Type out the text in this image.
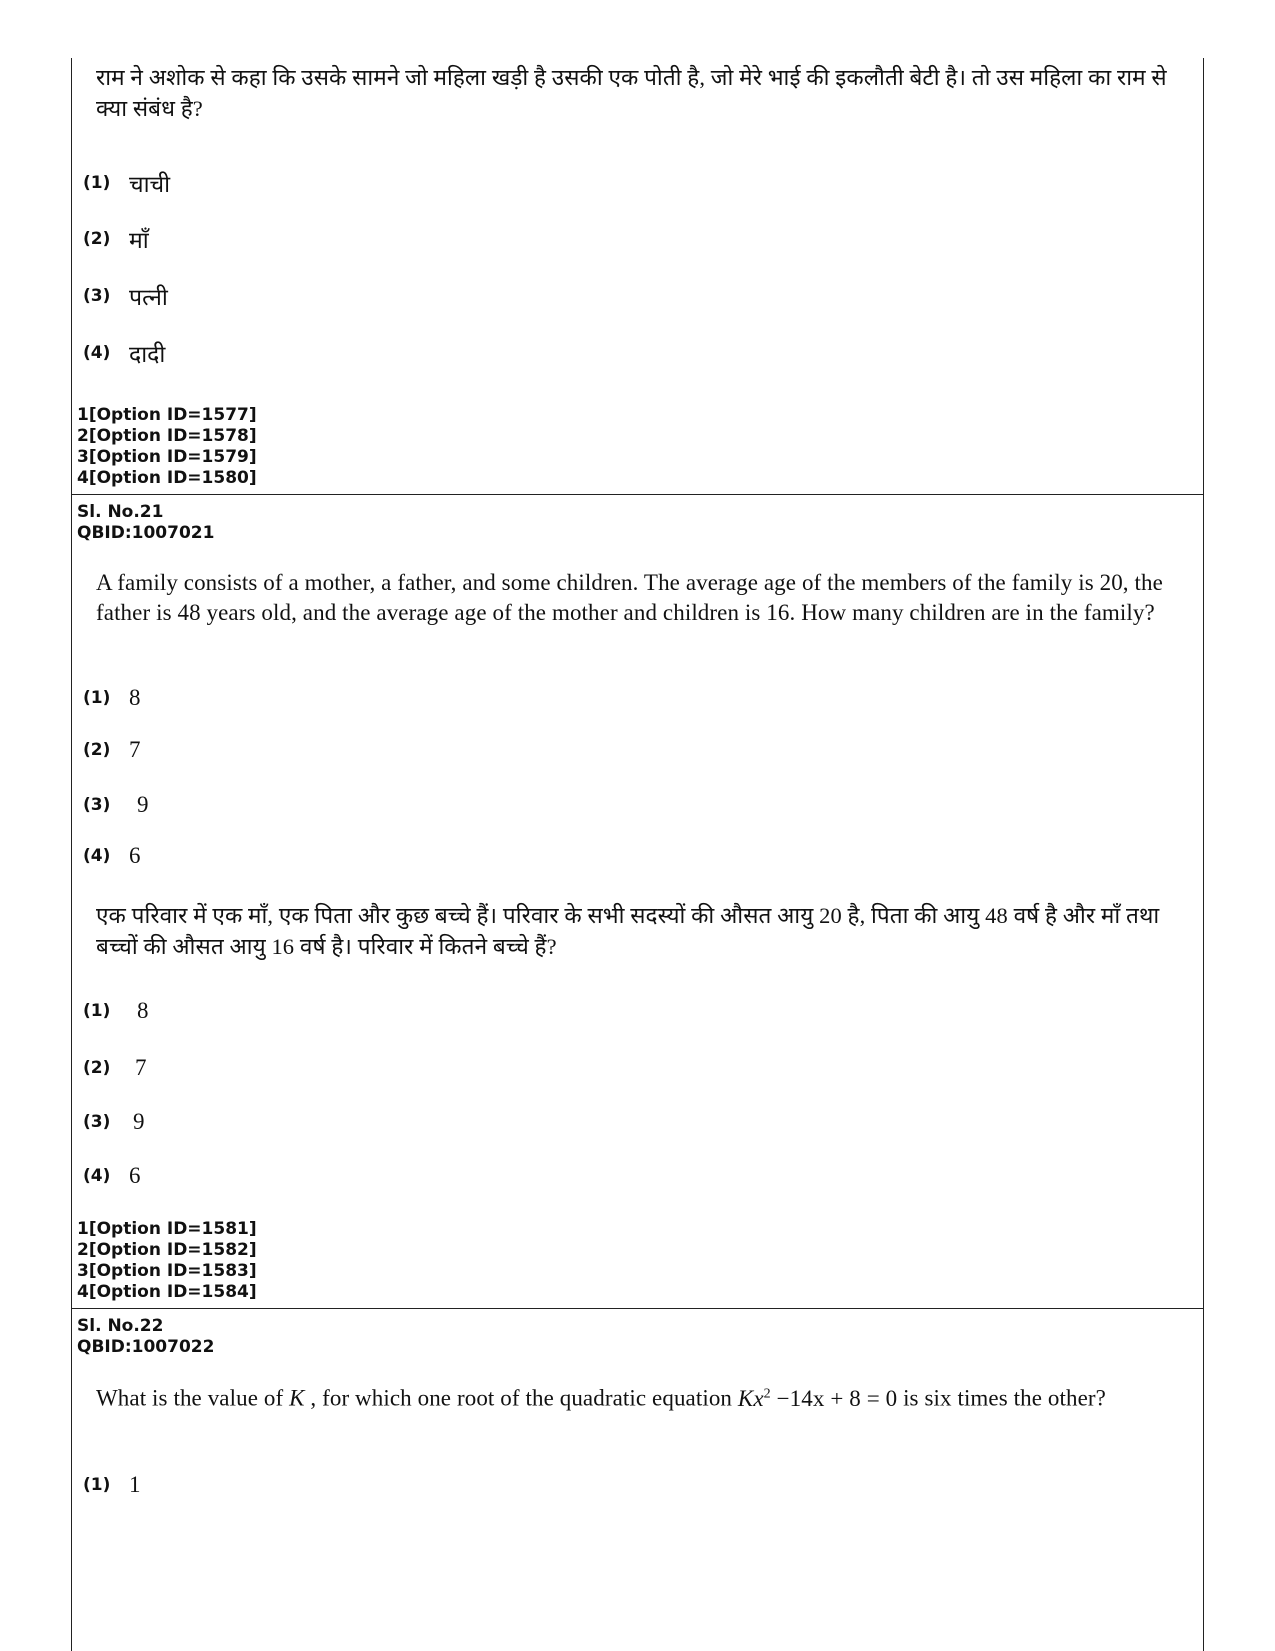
राम ने अशोक से कहा कि उसके सामने जो महिला खड़ी है उसकी एक पोती है, जो मेरे भाई की इकलौती बेटी है। तो उस महिला का राम से क्या संबंध है?
(1) चाची
(2) माँ
(3) पत्नी
(4) दादी
1[Option ID=1577]
2[Option ID=1578]
3[Option ID=1579]
4[Option ID=1580]
Sl. No.21
QBID:1007021
A family consists of a mother, a father, and some children. The average age of the members of the family is 20, the father is 48 years old, and the average age of the mother and children is 16. How many children are in the family?
(1) 8
(2) 7
(3)	9
(4) 6
एक परिवार में एक माँ, एक पिता और कुछ बच्चे हैं। परिवार के सभी सदस्यों की औसत आयु 20 है, पिता की आयु 48 वर्ष है और माँ तथा बच्चों की औसत आयु 16 वर्ष है। परिवार में कितने बच्चे हैं?
(1)	8
(2)	7
(3) 9
(4) 6
1[Option ID=1581]
2[Option ID=1582]
3[Option ID=1583]
4[Option ID=1584]
Sl. No.22
QBID:1007022
What is the value of K , for which one root of the quadratic equation $Kx^2 -14x + 8 = 0$ is six times the other?
(1) 1
